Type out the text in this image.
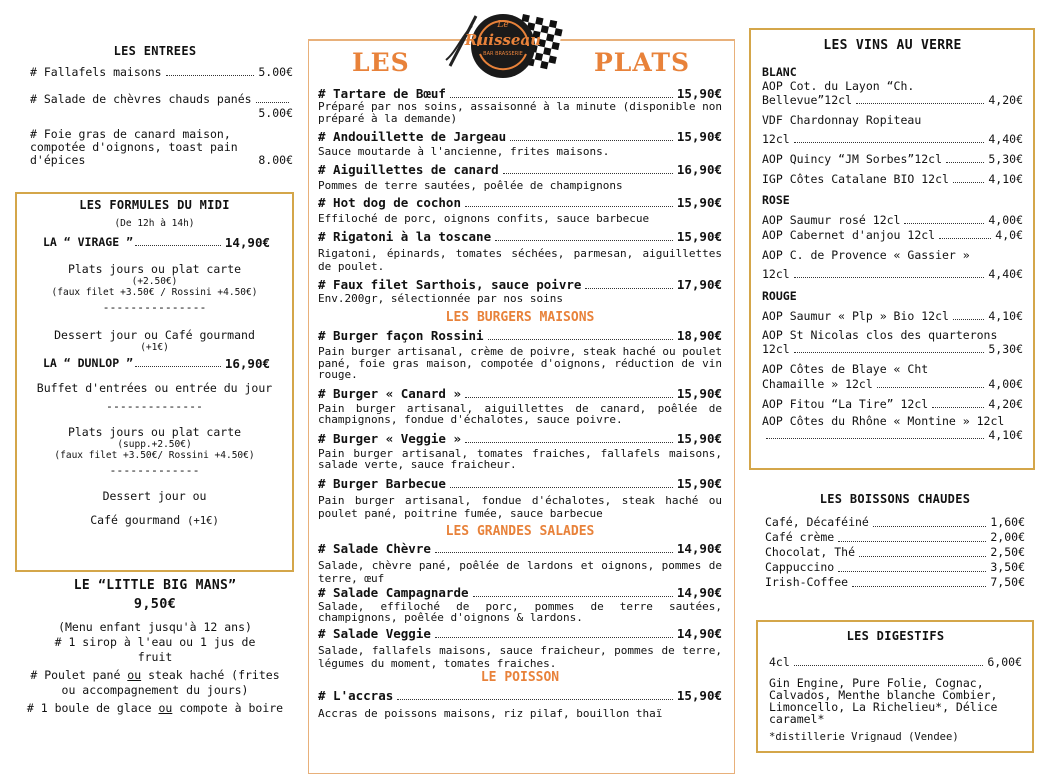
LES ENTREES
# Fallafels maisons	5.00€
# Salade de chèvres chauds panés
5.00€
# Foie gras de canard maison, compotée d'oignons, toast pain d'épices	8.00€
LES FORMULES DU MIDI
(De 12h à 14h)
LA “ VIRAGE ”	14,90€
Plats jours ou plat carte
(+2.50€)
(faux filet +3.50€ / Rossini +4.50€)
---------------
Dessert jour ou Café gourmand
(+1€)
LA “ DUNLOP ”	16,90€
Buffet d'entrées ou entrée du jour
--------------
Plats jours ou plat carte
(supp.+2.50€)
(faux filet +3.50€/ Rossini +4.50€)
-------------
Dessert jour ou
Café gourmand (+1€)
LE “LITTLE BIG MANS”
9,50€
(Menu enfant jusqu'à 12 ans)
# 1 sirop à l'eau ou 1 jus de fruit
# Poulet pané ou steak haché (frites ou accompagnement du jours)
# 1 boule de glace ou compote à boire
LES	PLATS
Le
Ruisseau
BAR BRASSERIE
# Tartare de Bœuf	15,90€
Préparé par nos soins, assaisonné à la minute (disponible non préparé à la demande)
# Andouillette de Jargeau	15,90€
Sauce moutarde à l'ancienne, frites maisons.
# Aiguillettes de canard	16,90€
Pommes de terre sautées, poêlée de champignons
# Hot dog de cochon	15,90€
Effiloché de porc, oignons confits, sauce barbecue
# Rigatoni à la toscane	15,90€
Rigatoni, épinards, tomates séchées, parmesan, aiguillettes de poulet.
# Faux filet Sarthois, sauce poivre	17,90€
Env.200gr, sélectionnée par nos soins
LES BURGERS MAISONS
# Burger façon Rossini	18,90€
Pain burger artisanal, crème de poivre, steak haché ou poulet pané, foie gras maison, compotée d'oignons, réduction de vin rouge.
# Burger « Canard »	15,90€
Pain burger artisanal, aiguillettes de canard, poêlée de champignons, fondue d'échalotes, sauce poivre.
# Burger « Veggie »	15,90€
Pain burger artisanal, tomates fraiches, fallafels maisons, salade verte, sauce fraicheur.
# Burger Barbecue	15,90€
Pain burger artisanal, fondue d'échalotes, steak haché ou poulet pané, poitrine fumée, sauce barbecue
LES GRANDES SALADES
# Salade Chèvre	14,90€
Salade, chèvre pané, poêlée de lardons et oignons, pommes de terre, œuf
# Salade Campagnarde	14,90€
Salade, effiloché de porc, pommes de terre sautées, champignons, poêlée d'oignons & lardons.
# Salade Veggie	14,90€
Salade, fallafels maisons, sauce fraicheur, pommes de terre, légumes du moment, tomates fraiches.
LE POISSON
# L'accras	15,90€
Accras de poissons maisons, riz pilaf, bouillon thaï
LES VINS AU VERRE
BLANC
AOP Cot. du Layon “Ch.
Bellevue”12cl	4,20€
VDF Chardonnay Ropiteau
12cl	4,40€
AOP Quincy “JM Sorbes”12cl	5,30€
IGP Côtes Catalane BIO 12cl	4,10€
ROSE
AOP Saumur rosé 12cl	4,00€
AOP Cabernet d'anjou 12cl	4,0€
AOP C. de Provence « Gassier »
12cl	4,40€
ROUGE
AOP Saumur « Plp » Bio 12cl	4,10€
AOP St Nicolas clos des quarterons
12cl	5,30€
AOP Côtes de Blaye « Cht
Chamaille » 12cl	4,00€
AOP Fitou “La Tire” 12cl	4,20€
AOP Côtes du Rhône « Montine » 12cl
4,10€
LES BOISSONS CHAUDES
Café, Décaféiné	1,60€
Café crème	2,00€
Chocolat, Thé	2,50€
Cappuccino	3,50€
Irish-Coffee	7,50€
LES DIGESTIFS
4cl	6,00€
Gin Engine, Pure Folie, Cognac, Calvados, Menthe blanche Combier, Limoncello, La Richelieu*, Délice caramel*
*distillerie Vrignaud (Vendee)
